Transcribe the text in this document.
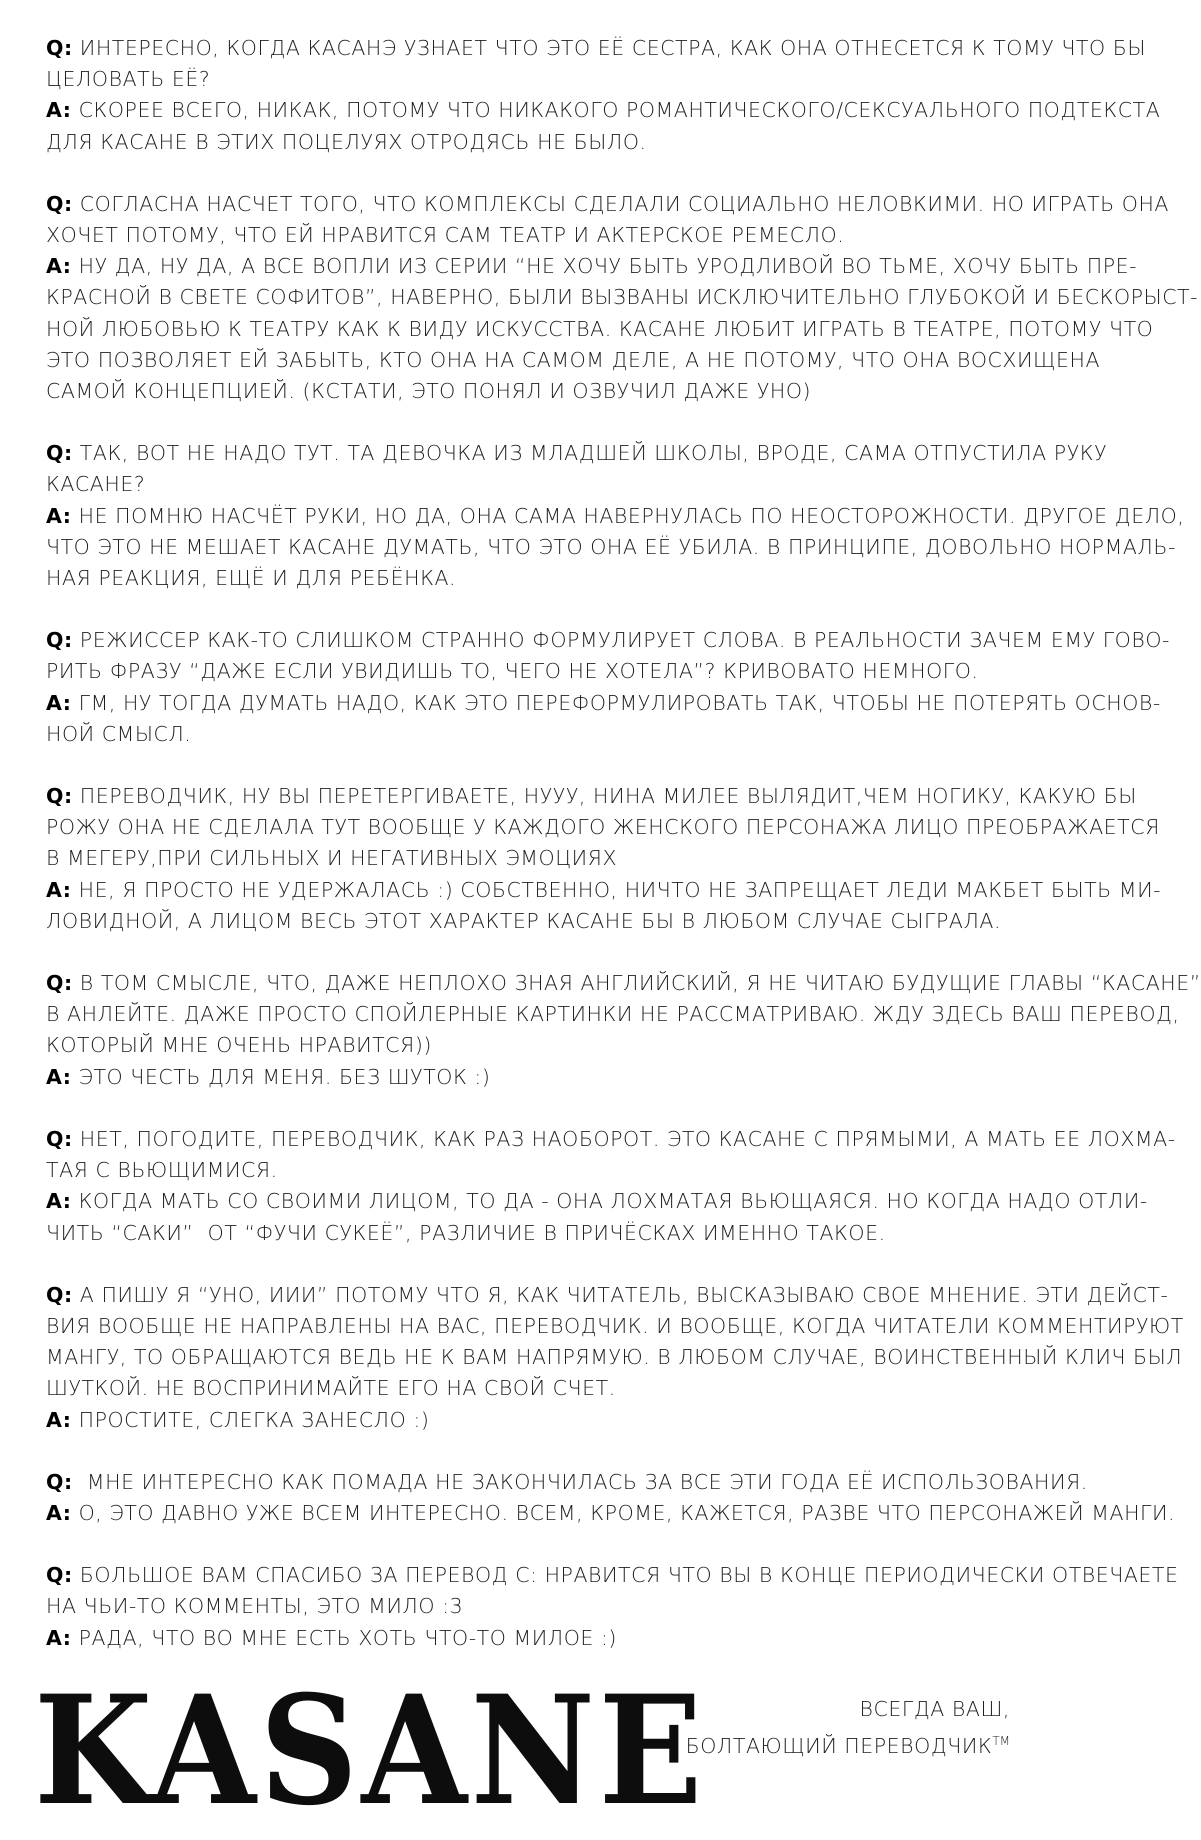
Q: ИНТЕРЕСНО, КОГДА КАСАНЭ УЗНАЕТ ЧТО ЭТО ЕЁ СЕСТРА, КАК ОНА ОТНЕСЕТСЯ К ТОМУ ЧТО БЫ
ЦЕЛОВАТЬ ЕЁ?
A: СКОРЕЕ ВСЕГО, НИКАК, ПОТОМУ ЧТО НИКАКОГО РОМАНТИЧЕСКОГО/СЕКСУАЛЬНОГО ПОДТЕКСТА
ДЛЯ КАСАНЕ В ЭТИХ ПОЦЕЛУЯХ ОТРОДЯСЬ НЕ БЫЛО.
Q: СОГЛАСНА НАСЧЕТ ТОГО, ЧТО КОМПЛЕКСЫ СДЕЛАЛИ СОЦИАЛЬНО НЕЛОВКИМИ. НО ИГРАТЬ ОНА
ХОЧЕТ ПОТОМУ, ЧТО ЕЙ НРАВИТСЯ САМ ТЕАТР И АКТЕРСКОЕ РЕМЕСЛО.
A: НУ ДА, НУ ДА, А ВСЕ ВОПЛИ ИЗ СЕРИИ “НЕ ХОЧУ БЫТЬ УРОДЛИВОЙ ВО ТЬМЕ, ХОЧУ БЫТЬ ПРЕ-
КРАСНОЙ В СВЕТЕ СОФИТОВ”, НАВЕРНО, БЫЛИ ВЫЗВАНЫ ИСКЛЮЧИТЕЛЬНО ГЛУБОКОЙ И БЕСКОРЫСТ-
НОЙ ЛЮБОВЬЮ К ТЕАТРУ КАК К ВИДУ ИСКУССТВА. КАСАНЕ ЛЮБИТ ИГРАТЬ В ТЕАТРЕ, ПОТОМУ ЧТО
ЭТО ПОЗВОЛЯЕТ ЕЙ ЗАБЫТЬ, КТО ОНА НА САМОМ ДЕЛЕ, А НЕ ПОТОМУ, ЧТО ОНА ВОСХИЩЕНА
САМОЙ КОНЦЕПЦИЕЙ. (КСТАТИ, ЭТО ПОНЯЛ И ОЗВУЧИЛ ДАЖЕ УНО)
Q: ТАК, ВОТ НЕ НАДО ТУТ. ТА ДЕВОЧКА ИЗ МЛАДШЕЙ ШКОЛЫ, ВРОДЕ, САМА ОТПУСТИЛА РУКУ
КАСАНЕ?
A: НЕ ПОМНЮ НАСЧЁТ РУКИ, НО ДА, ОНА САМА НАВЕРНУЛАСЬ ПО НЕОСТОРОЖНОСТИ. ДРУГОЕ ДЕЛО,
ЧТО ЭТО НЕ МЕШАЕТ КАСАНЕ ДУМАТЬ, ЧТО ЭТО ОНА ЕЁ УБИЛА. В ПРИНЦИПЕ, ДОВОЛЬНО НОРМАЛЬ-
НАЯ РЕАКЦИЯ, ЕЩЁ И ДЛЯ РЕБЁНКА.
Q: РЕЖИССЕР КАК-ТО СЛИШКОМ СТРАННО ФОРМУЛИРУЕТ СЛОВА. В РЕАЛЬНОСТИ ЗАЧЕМ ЕМУ ГОВО-
РИТЬ ФРАЗУ “ДАЖЕ ЕСЛИ УВИДИШЬ ТО, ЧЕГО НЕ ХОТЕЛА”? КРИВОВАТО НЕМНОГО.
A: ГМ, НУ ТОГДА ДУМАТЬ НАДО, КАК ЭТО ПЕРЕФОРМУЛИРОВАТЬ ТАК, ЧТОБЫ НЕ ПОТЕРЯТЬ ОСНОВ-
НОЙ СМЫСЛ.
Q: ПЕРЕВОДЧИК, НУ ВЫ ПЕРЕТЕРГИВАЕТЕ, НУУУ, НИНА МИЛЕЕ ВЫЛЯДИТ,ЧЕМ НОГИКУ, КАКУЮ БЫ
РОЖУ ОНА НЕ СДЕЛАЛА ТУТ ВООБЩЕ У КАЖДОГО ЖЕНСКОГО ПЕРСОНАЖА ЛИЦО ПРЕОБРАЖАЕТСЯ
В МЕГЕРУ,ПРИ СИЛЬНЫХ И НЕГАТИВНЫХ ЭМОЦИЯХ
A: НЕ, Я ПРОСТО НЕ УДЕРЖАЛАСЬ :) СОБСТВЕННО, НИЧТО НЕ ЗАПРЕЩАЕТ ЛЕДИ МАКБЕТ БЫТЬ МИ-
ЛОВИДНОЙ, А ЛИЦОМ ВЕСЬ ЭТОТ ХАРАКТЕР КАСАНЕ БЫ В ЛЮБОМ СЛУЧАЕ СЫГРАЛА.
Q: В ТОМ СМЫСЛЕ, ЧТО, ДАЖЕ НЕПЛОХО ЗНАЯ АНГЛИЙСКИЙ, Я НЕ ЧИТАЮ БУДУЩИЕ ГЛАВЫ “КАСАНЕ”
В АНЛЕЙТЕ. ДАЖЕ ПРОСТО СПОЙЛЕРНЫЕ КАРТИНКИ НЕ РАССМАТРИВАЮ. ЖДУ ЗДЕСЬ ВАШ ПЕРЕВОД,
КОТОРЫЙ МНЕ ОЧЕНЬ НРАВИТСЯ))
A: ЭТО ЧЕСТЬ ДЛЯ МЕНЯ. БЕЗ ШУТОК :)
Q: НЕТ, ПОГОДИТЕ, ПЕРЕВОДЧИК, КАК РАЗ НАОБОРОТ. ЭТО КАСАНЕ С ПРЯМЫМИ, А МАТЬ ЕЕ ЛОХМА-
ТАЯ С ВЬЮЩИМИСЯ.
A: КОГДА МАТЬ СО СВОИМИ ЛИЦОМ, ТО ДА - ОНА ЛОХМАТАЯ ВЬЮЩАЯСЯ. НО КОГДА НАДО ОТЛИ-
ЧИТЬ “САКИ”  ОТ “ФУЧИ СУКЕЁ”, РАЗЛИЧИЕ В ПРИЧЁСКАХ ИМЕННО ТАКОЕ.
Q: А ПИШУ Я “УНО, ИИИ” ПОТОМУ ЧТО Я, КАК ЧИТАТЕЛЬ, ВЫСКАЗЫВАЮ СВОЕ МНЕНИЕ. ЭТИ ДЕЙСТ-
ВИЯ ВООБЩЕ НЕ НАПРАВЛЕНЫ НА ВАС, ПЕРЕВОДЧИК. И ВООБЩЕ, КОГДА ЧИТАТЕЛИ КОММЕНТИРУЮТ
МАНГУ, ТО ОБРАЩАЮТСЯ ВЕДЬ НЕ К ВАМ НАПРЯМУЮ. В ЛЮБОМ СЛУЧАЕ, ВОИНСТВЕННЫЙ КЛИЧ БЫЛ
ШУТКОЙ. НЕ ВОСПРИНИМАЙТЕ ЕГО НА СВОЙ СЧЕТ.
A: ПРОСТИТЕ, СЛЕГКА ЗАНЕСЛО :)
Q:  МНЕ ИНТЕРЕСНО КАК ПОМАДА НЕ ЗАКОНЧИЛАСЬ ЗА ВСЕ ЭТИ ГОДА ЕЁ ИСПОЛЬЗОВАНИЯ.
A: О, ЭТО ДАВНО УЖЕ ВСЕМ ИНТЕРЕСНО. ВСЕМ, КРОМЕ, КАЖЕТСЯ, РАЗВЕ ЧТО ПЕРСОНАЖЕЙ МАНГИ.
Q: БОЛЬШОЕ ВАМ СПАСИБО ЗА ПЕРЕВОД С: НРАВИТСЯ ЧТО ВЫ В КОНЦЕ ПЕРИОДИЧЕСКИ ОТВЕЧАЕТЕ
НА ЧЬИ-ТО КОММЕНТЫ, ЭТО МИЛО :3
A: РАДА, ЧТО ВО МНЕ ЕСТЬ ХОТЬ ЧТО-ТО МИЛОЕ :)
KASANE	ВСЕГДА ВАШ,
БОЛТАЮЩИЙ ПЕРЕВОДЧИК™
